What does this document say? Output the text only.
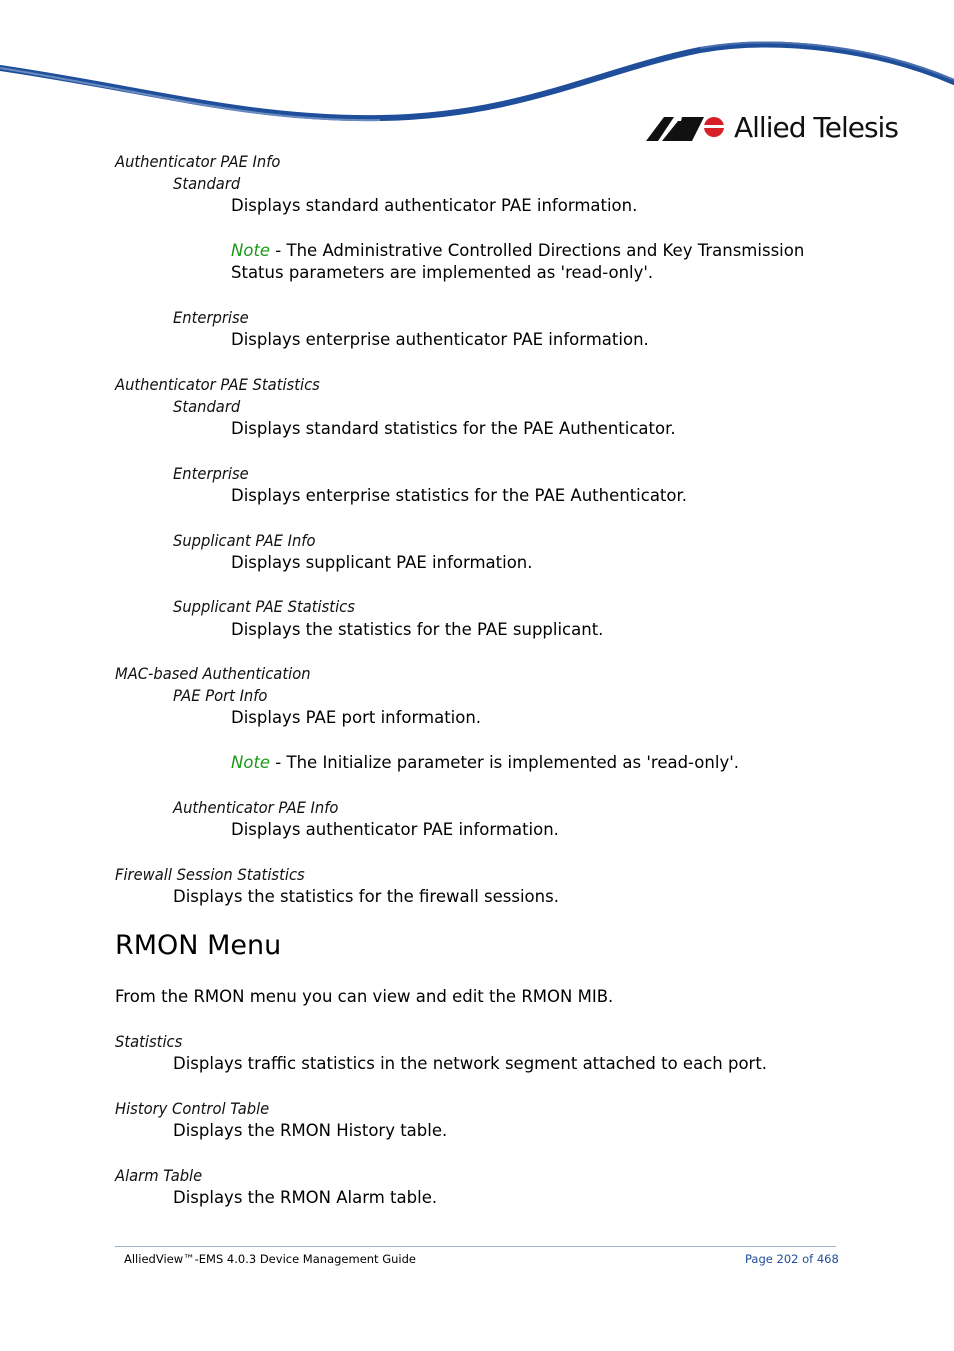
Allied Telesis
Authenticator PAE Info
Standard
Displays standard authenticator PAE information.
Note - The Administrative Controlled Directions and Key Transmission
Status parameters are implemented as 'read-only'.
Enterprise
Displays enterprise authenticator PAE information.
Authenticator PAE Statistics
Standard
Displays standard statistics for the PAE Authenticator.
Enterprise
Displays enterprise statistics for the PAE Authenticator.
Supplicant PAE Info
Displays supplicant PAE information.
Supplicant PAE Statistics
Displays the statistics for the PAE supplicant.
MAC-based Authentication
PAE Port Info
Displays PAE port information.
Note - The Initialize parameter is implemented as 'read-only'.
Authenticator PAE Info
Displays authenticator PAE information.
Firewall Session Statistics
Displays the statistics for the firewall sessions.
RMON Menu
From the RMON menu you can view and edit the RMON MIB.
Statistics
Displays traffic statistics in the network segment attached to each port.
History Control Table
Displays the RMON History table.
Alarm Table
Displays the RMON Alarm table.
AlliedView™-EMS 4.0.3 Device Management Guide	Page 202 of 468
